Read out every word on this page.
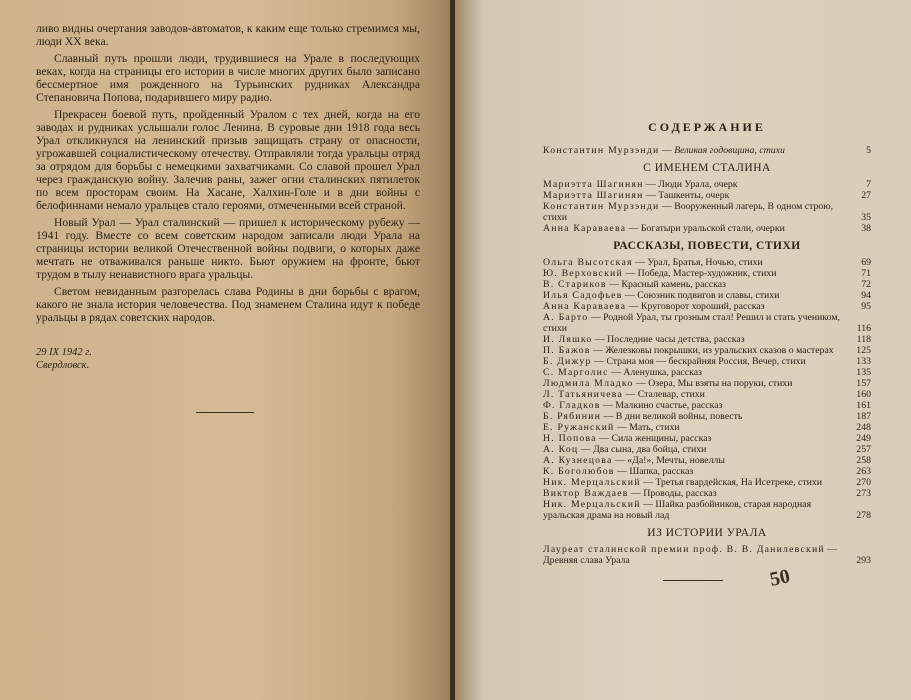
ливо видны очертания заводов-автоматов, к каким еще только стремимся мы, люди XX века.

Славный путь прошли люди, трудившиеся на Урале в последующих веках, когда на страницы его истории в числе многих других было записано бессмертное имя рожденного на Турьинских рудниках Александра Степановича Попова, подарившего миру радио.

Прекрасен боевой путь, пройденный Уралом с тех дней, когда на его заводах и рудниках услышали голос Ленина. В суровые дни 1918 года весь Урал откликнулся на ленинский призыв защищать страну от опасности, угрожавшей социалистическому отечеству. Отправляли тогда уральцы отряд за отрядом для борьбы с немецкими захватчиками. Со славой прошел Урал через гражданскую войну. Залечив раны, зажег огни сталинских пятилеток по всем просторам своим. На Хасане, Халхин-Голе и в дни войны с белофиннами немало уральцев стало героями, отмеченными всей страной.

Новый Урал — Урал сталинский — пришел к историческому рубежу — 1941 году. Вместе со всем советским народом записали люди Урала на страницы истории великой Отечественной войны подвиги, о которых даже мечтать не отваживался раньше никто. Бьют оружием на фронте, бьют трудом в тылу ненавистного врага уральцы.

Светом невиданным разгорелась слава Родины в дни борьбы с врагом, какого не знала история человечества. Под знаменем Сталина идут к победе уральцы в рядах советских народов.

29 IX 1942 г.
Свердловск.
СОДЕРЖАНИЕ
Константин Мурзэнди — Великая годовщина, стихи	5
С ИМЕНЕМ СТАЛИНА
Мариэтта Шагинян — Люди Урала, очерк	7
Мариэтта Шагинян — Ташкенты, очерк	27
Константин Мурзэнди — Вооруженный лагерь, В одном строю, стихи	35
Анна Караваева — Богатыри уральской стали, очерки	38
РАССКАЗЫ, ПОВЕСТИ, СТИХИ
Ольга Высотская — Урал, Братья, Ночью, стихи	69
Ю. Верховский — Победа, Мастер-художник, стихи	71
В. Стариков — Красный камень, рассказ	72
Илья Садофьев — Союзник подвигов и славы, стихи	94
Анна Караваева — Круговорот хороший, рассказ	95
А. Барто — Родной Урал, ты грозным стал! Решил и стать учеником, стихи	116
И. Ляшко — Последние часы детства, рассказ	118
П. Бажов — Железковы покрышки, из уральских сказов о мастерах	125
Б. Дижур — Страна моя — бескрайняя Россия, Вечер, стихи	133
С. Марголис — Аленушка, рассказ	135
Людмила Младко — Озера, Мы взяты на поруки, стихи	157
Л. Татьяничева — Сталевар, стихи	160
Ф. Гладков — Малкино счастье, рассказ	161
Б. Рябинин — В дни великой войны, повесть	187
Е. Ружанский — Мать, стихи	248
Н. Попова — Сила женщины, рассказ	249
А. Коц — Два сына, два бойца, стихи	257
А. Кузнецова — «Да!», Мечты, новеллы	258
К. Боголюбов — Шапка, рассказ	263
Ник. Мерцальский — Третья гвардейская, На Исетреке, стихи	270
Виктор Важдаев — Проводы, рассказ	273
Ник. Мерцальский — Шайка разбойников, старая народная уральская драма на новый лад	278
ИЗ ИСТОРИИ УРАЛА
Лауреат сталинской премии проф. В. В. Данилевский — Древняя слава Урала	293
50
